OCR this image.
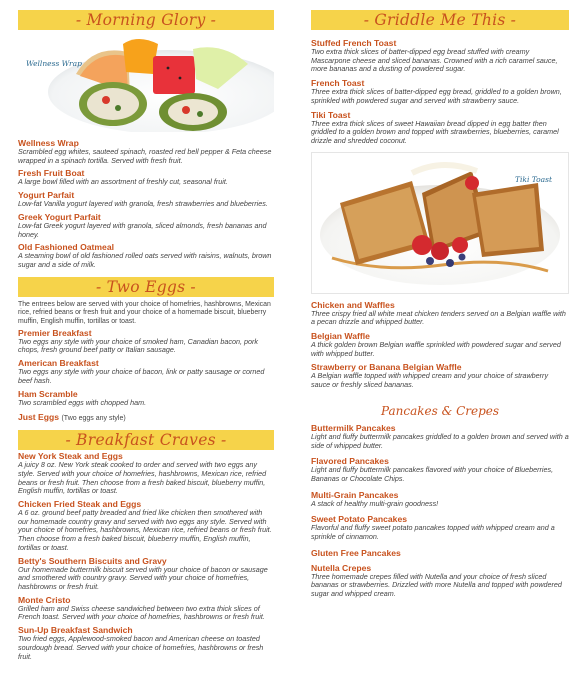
- Morning Glory -
Wellness Wrap
Wellness Wrap
Scrambled egg whites, sauteed spinach, roasted red bell pepper & Feta cheese wrapped in a spinach tortilla. Served with fresh fruit.
Fresh Fruit Boat
A large bowl filled with an assortment of freshly cut, seasonal fruit.
Yogurt Parfait
Low-fat Vanilla yogurt layered with granola, fresh strawberries and blueberries.
Greek Yogurt Parfait
Low-fat Greek yogurt layered with granola, sliced almonds, fresh bananas and honey.
Old Fashioned Oatmeal
A steaming bowl of old fashioned rolled oats served with raisins, walnuts, brown sugar and a side of milk.
- Two Eggs -
The entrees below are served with your choice of homefries, hashbrowns, Mexican rice, refried beans or fresh fruit and your choice of a homemade biscuit, blueberry muffin, English muffin, tortillas or toast.
Premier Breakfast
Two eggs any style with your choice of smoked ham, Canadian bacon, pork chops, fresh ground beef patty or Italian sausage.
American Breakfast
Two eggs any style with your choice of bacon, link or patty sausage or corned beef hash.
Ham Scramble
Two scrambled eggs with chopped ham.
Just Eggs (Two eggs any style)
- Breakfast Craves -
New York Steak and Eggs
A juicy 8 oz. New York steak cooked to order and served with two eggs any style. Served with your choice of homefries, hashbrowns, Mexican rice, refried beans or fresh fruit. Then choose from a fresh baked biscuit, blueberry muffin, English muffin, tortillas or toast.
Chicken Fried Steak and Eggs
A 6 oz. ground beef patty breaded and fried like chicken then smothered with our homemade country gravy and served with two eggs any style. Served with your choice of homefries, hashbrowns, Mexican rice, refried beans or fresh fruit. Then choose from a fresh baked biscuit, blueberry muffin, English muffin, tortillas or toast.
Betty's Southern Biscuits and Gravy
Our homemade buttermilk biscuit served with your choice of bacon or sausage and smothered with country gravy. Served with your choice of homefries, hashbrowns or fresh fruit.
Monte Cristo
Grilled ham and Swiss cheese sandwiched between two extra thick slices of French toast. Served with your choice of homefries, hashbrowns or fresh fruit.
Sun-Up Breakfast Sandwich
Two fried eggs, Applewood-smoked bacon and American cheese on toasted sourdough bread. Served with your choice of homefries, hashbrowns or fresh fruit.
- Griddle Me This -
Stuffed French Toast
Two extra thick slices of batter-dipped egg bread stuffed with creamy Mascarpone cheese and sliced bananas. Crowned with a rich caramel sauce, more bananas and a dusting of powdered sugar.
French Toast
Three extra thick slices of batter-dipped egg bread, griddled to a golden brown, sprinkled with powdered sugar and served with strawberry sauce.
Tiki Toast
Three extra thick slices of sweet Hawaiian bread dipped in egg batter then griddled to a golden brown and topped with strawberries, blueberries, caramel drizzle and shredded coconut.
Tiki Toast
Chicken and Waffles
Three crispy fried all white meat chicken tenders served on a Belgian waffle with a pecan drizzle and whipped butter.
Belgian Waffle
A thick golden brown Belgian waffle sprinkled with powdered sugar and served with whipped butter.
Strawberry or Banana Belgian Waffle
A Belgian waffle topped with whipped cream and your choice of strawberry sauce or freshly sliced bananas.
Pancakes & Crepes
Buttermilk Pancakes
Light and fluffy buttermilk pancakes griddled to a golden brown and served with a side of whipped butter.
Flavored Pancakes
Light and fluffy buttermilk pancakes flavored with your choice of Blueberries, Bananas or Chocolate Chips.
Multi-Grain Pancakes
A stack of healthy multi-grain goodness!
Sweet Potato Pancakes
Flavorful and fluffy sweet potato pancakes topped with whipped cream and a sprinkle of cinnamon.
Gluten Free Pancakes
Nutella Crepes
Three homemade crepes filled with Nutella and your choice of fresh sliced bananas or strawberries. Drizzled with more Nutella and topped with powdered sugar and whipped cream.
